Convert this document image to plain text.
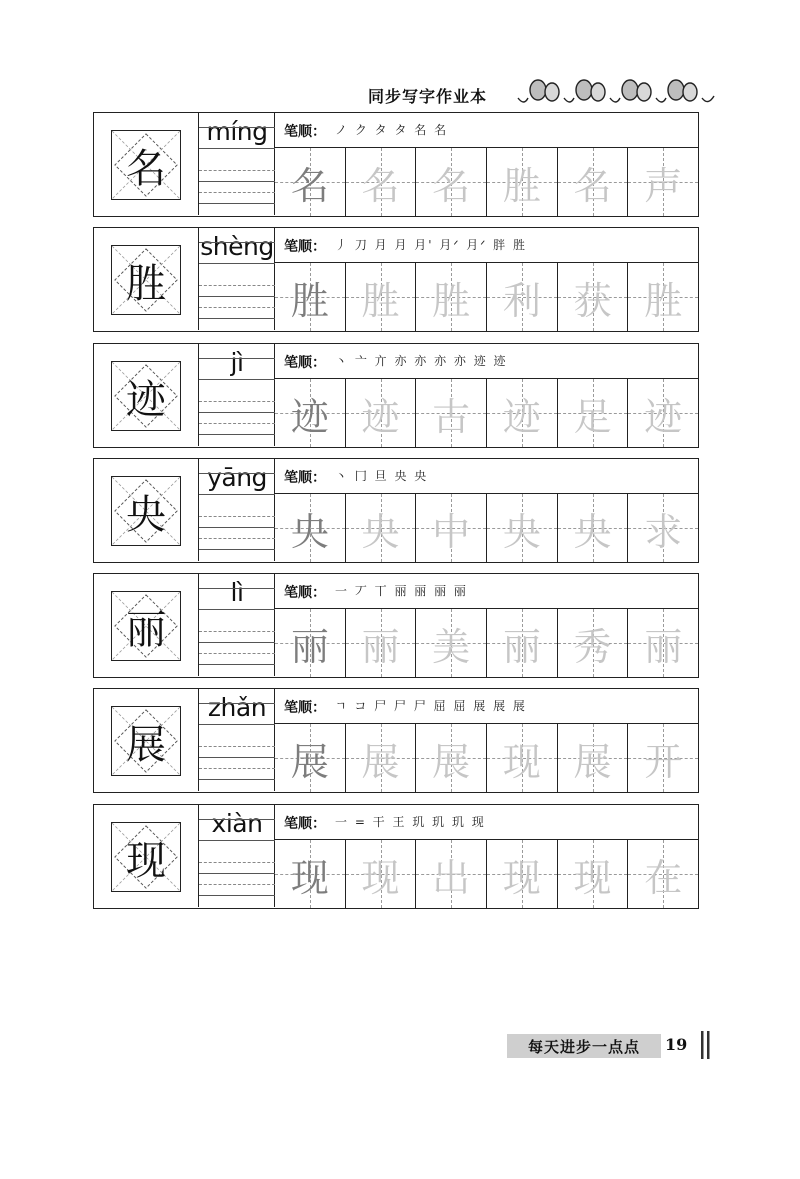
同步写字作业本
名
míng	笔顺： ノ ク タ タ 名 名
名 名 名 胜 名 声
胜
shèng 笔顺： 丿 刀 月 月 月' 月ᐟ 月ᐟ 胖 胜
胜 胜 胜 利 获 胜
迹
jì	笔顺： 丶 亠 亣 亦 亦 亦 亦 迹 迹
迹 迹 古 迹 足 迹
央
yāng	笔顺： 丶 冂 旦 央 央
央 央 中 央 央 求
丽
lì	笔顺： 一 丆 丅 丽 丽 丽 丽
丽 丽 美 丽 秀 丽
展
zhǎn	笔顺： ㄱ コ 尸 尸 尸 屈 屈 展 展 展
展 展 展 现 展 开
现
xiàn	笔顺： 一 = 干 王 玑 玑 玑 现
现 现 出 现 现 在
每天进步一点点	19
